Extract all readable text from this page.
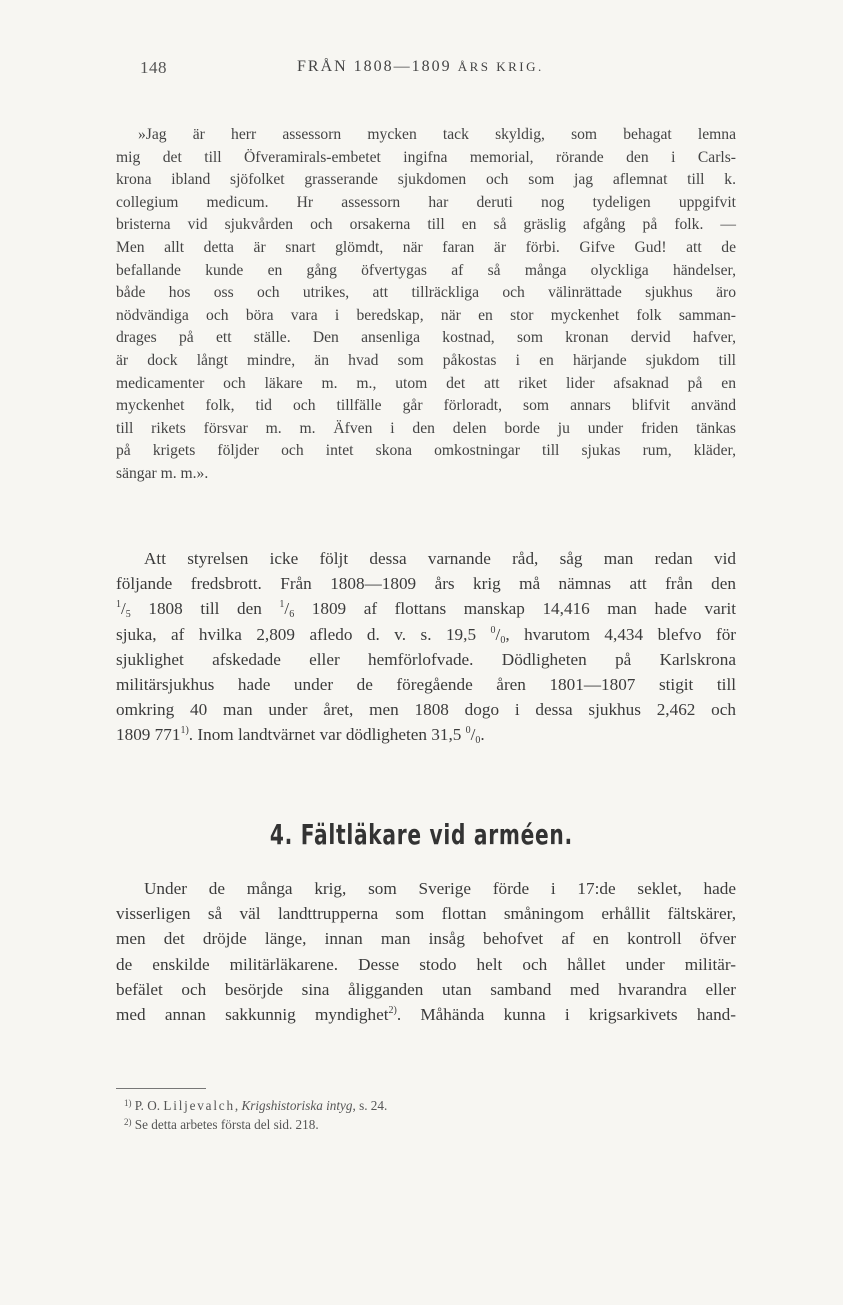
148	FRÅN 1808—1809 ÅRS KRIG.
»Jag är herr assessorn mycken tack skyldig, som behagat lemna
mig det till Öfveramirals-embetet ingifna memorial, rörande den i Carls-
krona ibland sjöfolket grasserande sjukdomen och som jag aflemnat till k.
collegium medicum. Hr assessorn har deruti nog tydeligen uppgifvit
bristerna vid sjukvården och orsakerna till en så gräslig afgång på folk. —
Men allt detta är snart glömdt, när faran är förbi. Gifve Gud! att de
befallande kunde en gång öfvertygas af så många olyckliga händelser,
både hos oss och utrikes, att tillräckliga och välinrättade sjukhus äro
nödvändiga och böra vara i beredskap, när en stor myckenhet folk samman-
drages på ett ställe. Den ansenliga kostnad, som kronan dervid hafver,
är dock långt mindre, än hvad som påkostas i en härjande sjukdom till
medicamenter och läkare m. m., utom det att riket lider afsaknad på en
myckenhet folk, tid och tillfälle går förloradt, som annars blifvit använd
till rikets försvar m. m. Äfven i den delen borde ju under friden tänkas
på krigets följder och intet skona omkostningar till sjukas rum, kläder,
sängar m. m.».
Att styrelsen icke följt dessa varnande råd, såg man redan vid
följande fredsbrott. Från 1808—1809 års krig må nämnas att från den
$^1/_5$ 1808 till den $^1/_6$ 1809 af flottans manskap 14,416 man hade varit
sjuka, af hvilka 2,809 afledo d. v. s. 19,5 $^0/_0$, hvarutom 4,434 blefvo för
sjuklighet afskedade eller hemförlofvade. Dödligheten på Karlskrona
militärsjukhus hade under de föregående åren 1801—1807 stigit till
omkring 40 man under året, men 1808 dogo i dessa sjukhus 2,462 och
1809 771$^{1)}$. Inom landtvärnet var dödligheten 31,5 $^0/_0$.
4. Fältläkare vid arméen.
Under de många krig, som Sverige förde i 17:de seklet, hade
visserligen så väl landttrupperna som flottan småningom erhållit fältskärer,
men det dröjde länge, innan man insåg behofvet af en kontroll öfver
de enskilde militärläkarene. Desse stodo helt och hållet under militär-
befälet och besörjde sina åligganden utan samband med hvarandra eller
med annan sakkunnig myndighet$^{2)}$. Måhända kunna i krigsarkivets hand-
$^{1)}$ P. O. Liljevalch, Krigshistoriska intyg, s. 24.
$^{2)}$ Se detta arbetes första del sid. 218.
